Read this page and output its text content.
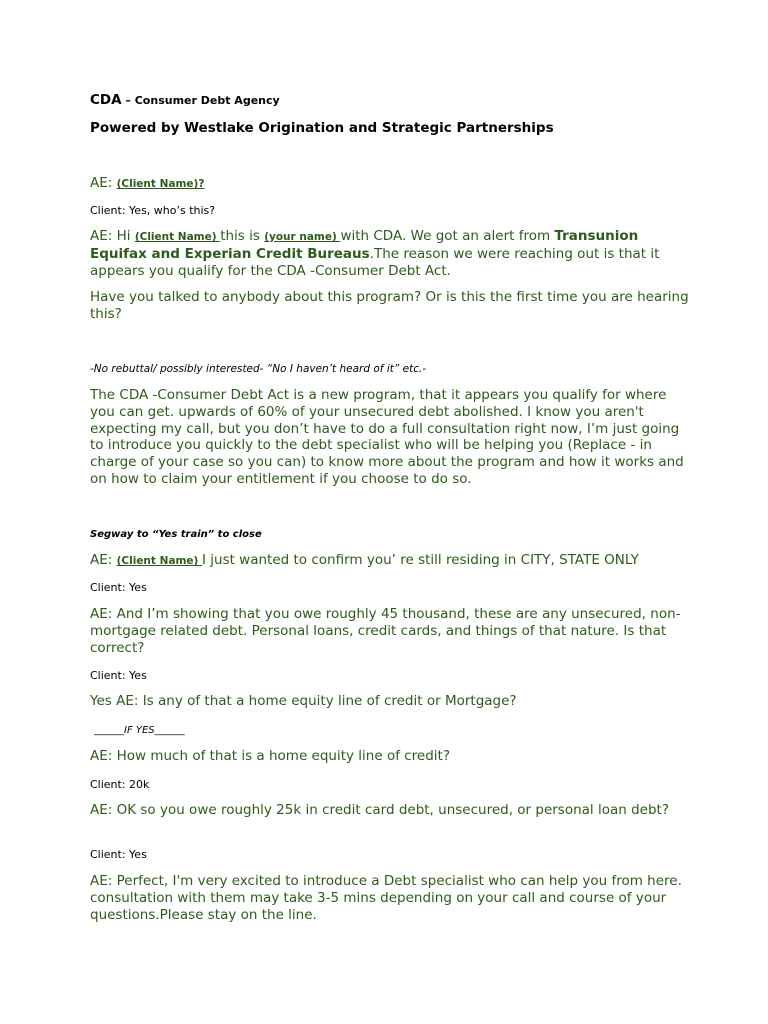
CDA – Consumer Debt Agency

Powered by Westlake Origination and Strategic Partnerships

AE: (Client Name)?

Client: Yes, who’s this?

AE: Hi (Client Name) this is (your name) with CDA. We got an alert from Transunion Equifax and Experian Credit Bureaus.The reason we were reaching out is that it appears you qualify for the CDA -Consumer Debt Act.

Have you talked to anybody about this program? Or is this the first time you are hearing this?

-No rebuttal/ possibly interested- “No I haven’t heard of it” etc.-

The CDA -Consumer Debt Act is a new program, that it appears you qualify for where you can get. upwards of 60% of your unsecured debt abolished. I know you aren't expecting my call, but you don’t have to do a full consultation right now, I’m just going to introduce you quickly to the debt specialist who will be helping you (Replace - in charge of your case so you can) to know more about the program and how it works and on how to claim your entitlement if you choose to do so.

Segway to “Yes train” to close

AE: (Client Name) I just wanted to confirm you’ re still residing in CITY, STATE ONLY

Client: Yes

AE: And I’m showing that you owe roughly 45 thousand, these are any unsecured, non-mortgage related debt. Personal loans, credit cards, and things of that nature. Is that correct?

Client: Yes

Yes AE: Is any of that a home equity line of credit or Mortgage?

______IF YES______

AE: How much of that is a home equity line of credit?

Client: 20k

AE: OK so you owe roughly 25k in credit card debt, unsecured, or personal loan debt?

Client: Yes

AE: Perfect, I'm very excited to introduce a Debt specialist who can help you from here. consultation with them may take 3-5 mins depending on your call and course of your questions.Please stay on the line.
